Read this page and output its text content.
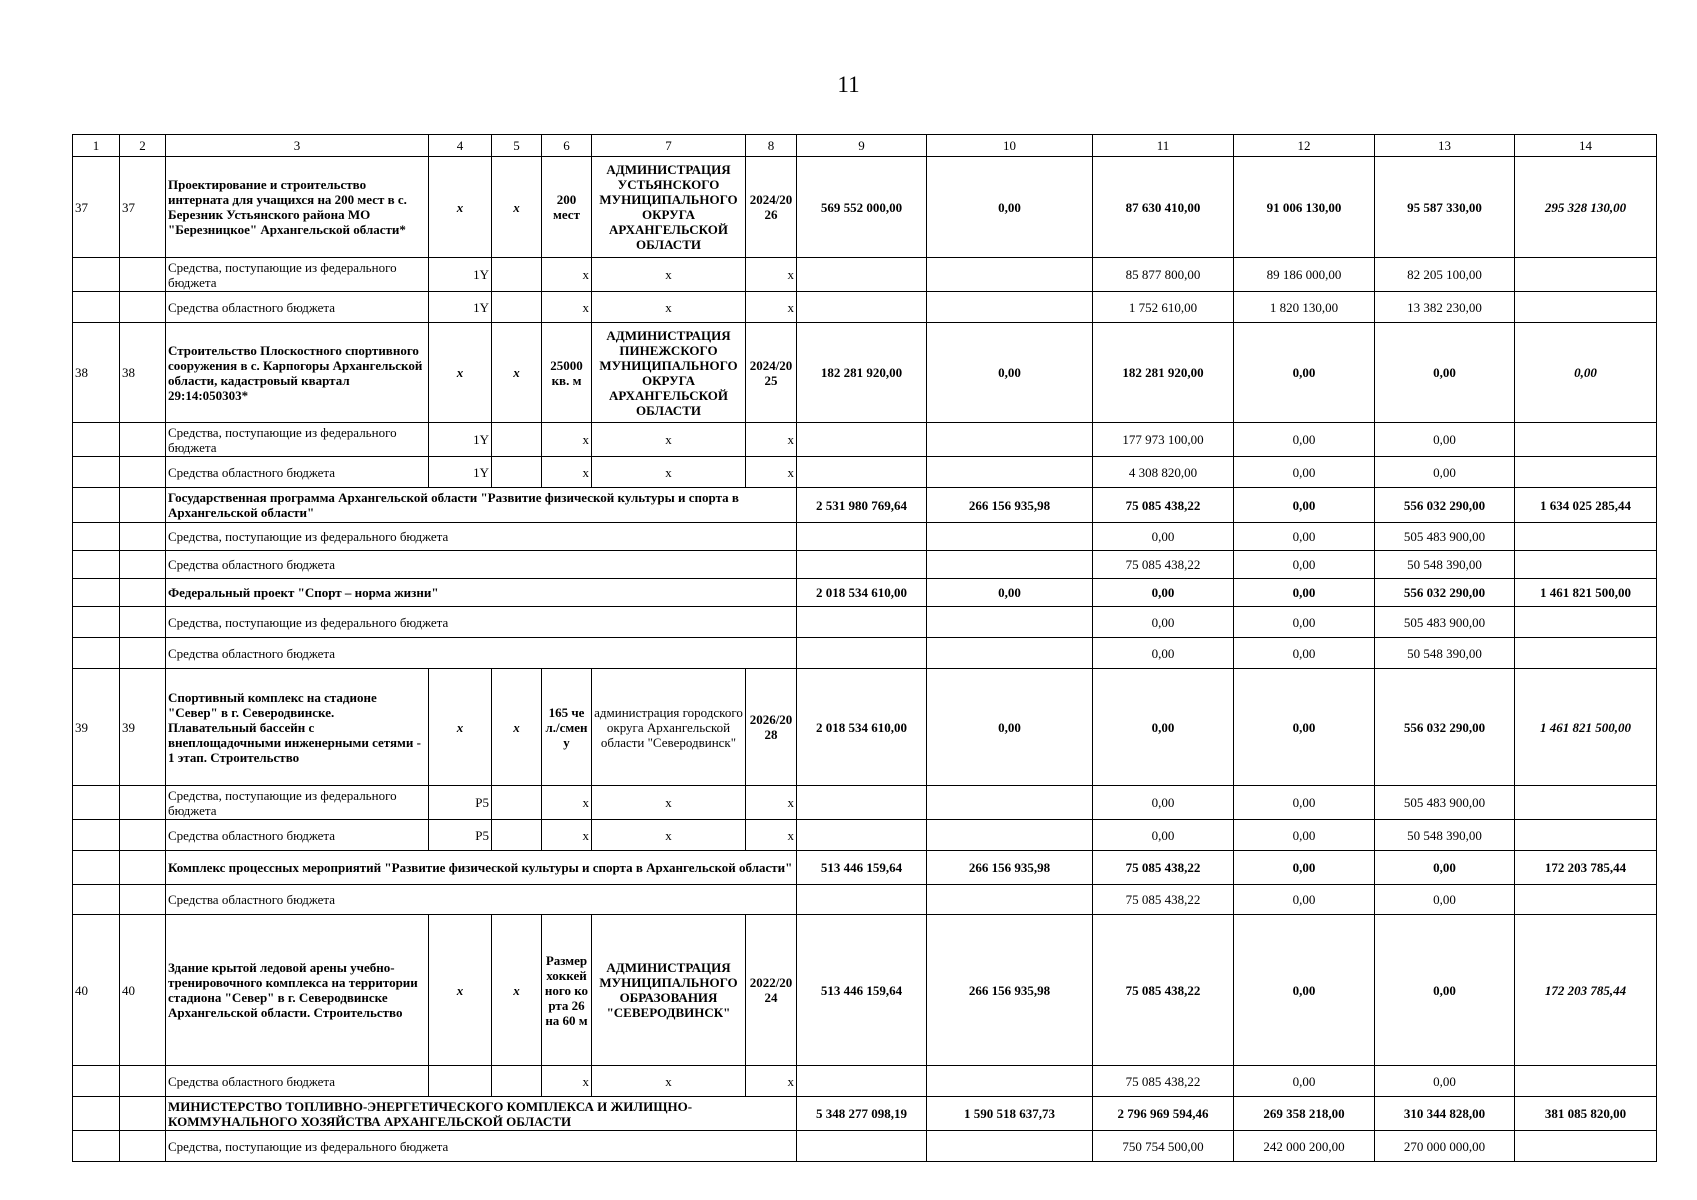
11
1	2	3	4	5	6	7	8	9	10	11	12	13	14
37	37	Проектирование и строительство интерната для учащихся на 200 мест в с. Березник Устьянского района МО "Березницкое" Архангельской области*	x	x	200 мест	АДМИНИСТРАЦИЯ УСТЬЯНСКОГО МУНИЦИПАЛЬНОГО ОКРУГА АРХАНГЕЛЬСКОЙ ОБЛАСТИ	2024/2026	569 552 000,00	0,00	87 630 410,00	91 006 130,00	95 587 330,00	295 328 130,00
		Средства, поступающие из федерального бюджета	1Y		x	x	x			85 877 800,00	89 186 000,00	82 205 100,00	
		Средства областного бюджета	1Y		x	x	x			1 752 610,00	1 820 130,00	13 382 230,00	
38	38	Строительство Плоскостного спортивного сооружения в с. Карпогоры Архангельской области, кадастровый квартал 29:14:050303*	x	x	25000 кв. м	АДМИНИСТРАЦИЯ ПИНЕЖСКОГО МУНИЦИПАЛЬНОГО ОКРУГА АРХАНГЕЛЬСКОЙ ОБЛАСТИ	2024/2025	182 281 920,00	0,00	182 281 920,00	0,00	0,00	0,00
		Средства, поступающие из федерального бюджета	1Y		x	x	x			177 973 100,00	0,00	0,00	
		Средства областного бюджета	1Y		x	x	x			4 308 820,00	0,00	0,00	
		Государственная программа Архангельской области "Развитие физической культуры и спорта в Архангельской области"						2 531 980 769,64	266 156 935,98	75 085 438,22	0,00	556 032 290,00	1 634 025 285,44
		Средства, поступающие из федерального бюджета								0,00	0,00	505 483 900,00	
		Средства областного бюджета								75 085 438,22	0,00	50 548 390,00	
		Федеральный проект "Спорт – норма жизни"						2 018 534 610,00	0,00	0,00	0,00	556 032 290,00	1 461 821 500,00
		Средства, поступающие из федерального бюджета								0,00	0,00	505 483 900,00	
		Средства областного бюджета								0,00	0,00	50 548 390,00	
39	39	Спортивный комплекс на стадионе "Север" в г. Северодвинске. Плавательный бассейн с внеплощадочными инженерными сетями - 1 этап. Строительство	x	x	165 чел./смену	администрация городского округа Архангельской области "Северодвинск"	2026/2028	2 018 534 610,00	0,00	0,00	0,00	556 032 290,00	1 461 821 500,00
		Средства, поступающие из федерального бюджета	P5		x	x	x			0,00	0,00	505 483 900,00	
		Средства областного бюджета	P5		x	x	x			0,00	0,00	50 548 390,00	
		Комплекс процессных мероприятий "Развитие физической культуры и спорта в Архангельской области"						513 446 159,64	266 156 935,98	75 085 438,22	0,00	0,00	172 203 785,44
		Средства областного бюджета								75 085 438,22	0,00	0,00	
40	40	Здание крытой ледовой арены учебно-тренировочного комплекса на территории стадиона "Север" в г. Северодвинске Архангельской области. Строительство	x	x	Размер хоккейного корта 26 на 60 м	АДМИНИСТРАЦИЯ МУНИЦИПАЛЬНОГО ОБРАЗОВАНИЯ "СЕВЕРОДВИНСК"	2022/2024	513 446 159,64	266 156 935,98	75 085 438,22	0,00	0,00	172 203 785,44
		Средства областного бюджета			x	x	x			75 085 438,22	0,00	0,00	
		МИНИСТЕРСТВО ТОПЛИВНО-ЭНЕРГЕТИЧЕСКОГО КОМПЛЕКСА И ЖИЛИЩНО-КОММУНАЛЬНОГО ХОЗЯЙСТВА АРХАНГЕЛЬСКОЙ ОБЛАСТИ						5 348 277 098,19	1 590 518 637,73	2 796 969 594,46	269 358 218,00	310 344 828,00	381 085 820,00
		Средства, поступающие из федерального бюджета								750 754 500,00	242 000 200,00	270 000 000,00	
